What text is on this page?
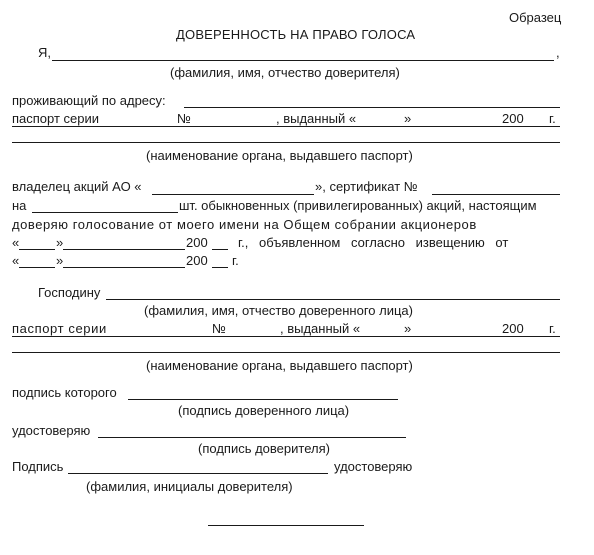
Образец
ДОВЕРЕННОСТЬ НА ПРАВО ГОЛОСА
Я,	,
(фамилия, имя, отчество доверителя)
проживающий по адресу:
паспорт серии	№	, выданный «	»	200 г.
(наименование органа, выдавшего паспорт)
владелец акций АО «	», сертификат №
на	шт. обыкновенных (привилегированных) акций, настоящим
доверяю голосование от моего имени на Общем собрании акционеров
«	»	200 г., объявленном согласно извещению от
«	»	200 г.
Господину
(фамилия, имя, отчество доверенного лица)
паспорт серии	№	, выданный «	»	200 г.
(наименование органа, выдавшего паспорт)
подпись которого
(подпись доверенного лица)
удостоверяю
(подпись доверителя)
Подпись	удостоверяю
(фамилия, инициалы доверителя)
